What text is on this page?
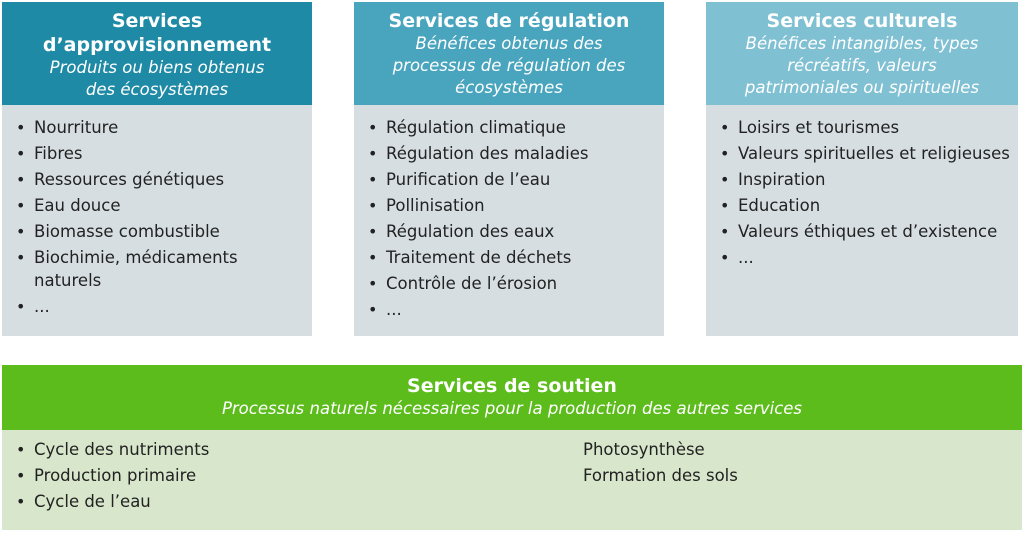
Services
d’approvisionnement
Produits ou biens obtenus
des écosystèmes
• Nourriture
• Fibres
• Ressources génétiques
• Eau douce
• Biomasse combustible
• Biochimie, médicaments naturels
• ...
Services de régulation
Bénéfices obtenus des
processus de régulation des
écosystèmes
• Régulation climatique
• Régulation des maladies
• Purification de l’eau
• Pollinisation
• Régulation des eaux
• Traitement de déchets
• Contrôle de l’érosion
• ...
Services culturels
Bénéfices intangibles, types
récréatifs, valeurs
patrimoniales ou spirituelles
• Loisirs et tourismes
• Valeurs spirituelles et religieuses
• Inspiration
• Education
• Valeurs éthiques et d’existence
• ...
Services de soutien
Processus naturels nécessaires pour la production des autres services
• Cycle des nutriments
• Production primaire
• Cycle de l’eau
Photosynthèse
Formation des sols
